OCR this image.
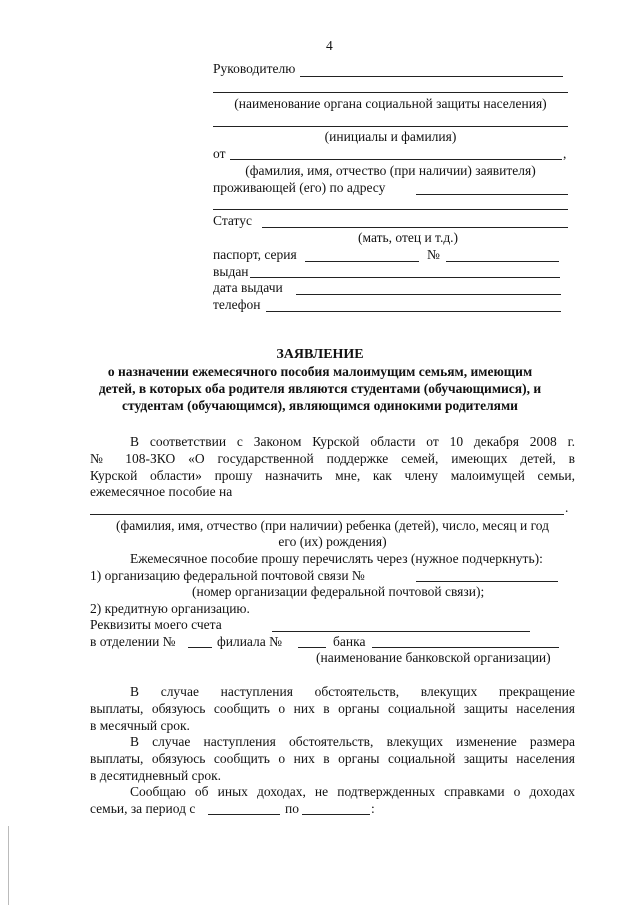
4
Руководителю
(наименование органа социальной защиты населения)
(инициалы и фамилия)
от	,
(фамилия, имя, отчество (при наличии) заявителя)
проживающей (его) по адресу
Статус
(мать, отец и т.д.)
паспорт, серия	№
выдан
дата выдачи
телефон
ЗАЯВЛЕНИЕ
о назначении ежемесячного пособия малоимущим семьям, имеющим
детей, в которых оба родителя являются студентами (обучающимися), и
студентам (обучающимся), являющимся одинокими родителями
В соответствии с Законом Курской области от 10 декабря 2008 г.
№ 108-ЗКО «О государственной поддержке семей, имеющих детей, в
Курской области» прошу назначить мне, как члену малоимущей семьи,
ежемесячное пособие на
.
(фамилия, имя, отчество (при наличии) ребенка (детей), число, месяц и год
его (их) рождения)
Ежемесячное пособие прошу перечислять через (нужное подчеркнуть):
1) организацию федеральной почтовой связи №
(номер организации федеральной почтовой связи);
2) кредитную организацию.
Реквизиты моего счета
в отделении №	филиала №	банка
(наименование банковской организации)
В случае наступления обстоятельств, влекущих прекращение
выплаты, обязуюсь сообщить о них в органы социальной защиты населения
в месячный срок.
В случае наступления обстоятельств, влекущих изменение размера
выплаты, обязуюсь сообщить о них в органы социальной защиты населения
в десятидневный срок.
Сообщаю об иных доходах, не подтвержденных справками о доходах
семьи, за период с	по	:
